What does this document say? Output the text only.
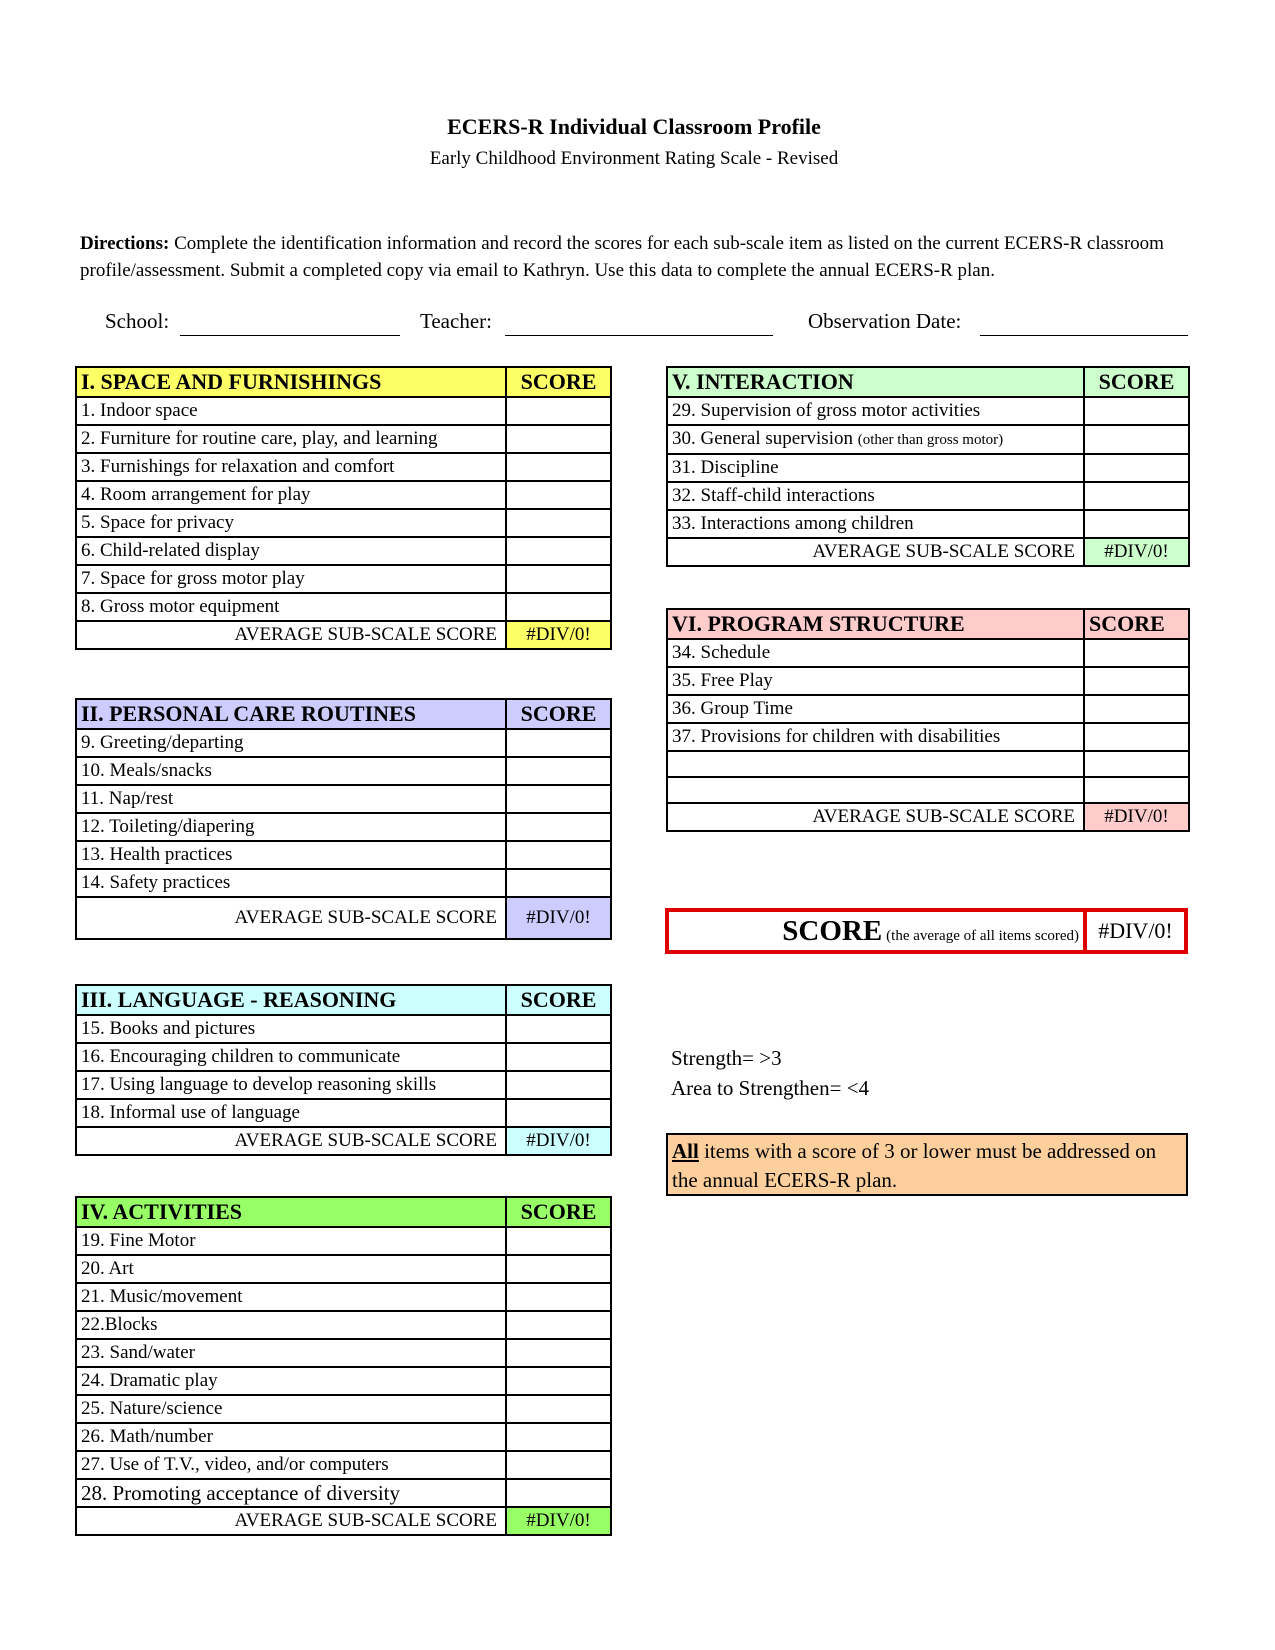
ECERS-R Individual Classroom Profile
Early Childhood Environment Rating Scale - Revised
Directions: Complete the identification information and record the scores for each sub-scale item as listed on the current ECERS-R classroom profile/assessment. Submit a completed copy via email to Kathryn. Use this data to complete the annual ECERS-R plan.
School:	Teacher:	Observation Date:
I. SPACE AND FURNISHINGS	SCORE
1. Indoor space	
2. Furniture for routine care, play, and learning	
3. Furnishings for relaxation and comfort	
4. Room arrangement for play	
5. Space for privacy	
6. Child-related display	
7. Space for gross motor play	
8. Gross motor equipment	
AVERAGE SUB-SCALE SCORE	#DIV/0!
II. PERSONAL CARE ROUTINES	SCORE
9. Greeting/departing	
10. Meals/snacks	
11. Nap/rest	
12. Toileting/diapering	
13. Health practices	
14. Safety practices	
AVERAGE SUB-SCALE SCORE	#DIV/0!
III. LANGUAGE - REASONING	SCORE
15. Books and pictures	
16. Encouraging children to communicate	
17. Using language to develop reasoning skills	
18. Informal use of language	
AVERAGE SUB-SCALE SCORE	#DIV/0!
IV. ACTIVITIES	SCORE
19. Fine Motor	
20. Art	
21. Music/movement	
22.Blocks	
23. Sand/water	
24. Dramatic play	
25. Nature/science	
26. Math/number	
27. Use of T.V., video, and/or computers	
28. Promoting acceptance of diversity	
AVERAGE SUB-SCALE SCORE	#DIV/0!
V. INTERACTION	SCORE
29. Supervision of gross motor activities	
30. General supervision (other than gross motor)	
31. Discipline	
32. Staff-child interactions	
33. Interactions among children	
AVERAGE SUB-SCALE SCORE	#DIV/0!
VI. PROGRAM STRUCTURE	SCORE
34. Schedule	
35. Free Play	
36. Group Time	
37. Provisions for children with disabilities	

AVERAGE SUB-SCALE SCORE	#DIV/0!
SCORE (the average of all items scored) #DIV/0!
Strength= >3
Area to Strengthen= <4
All items with a score of 3 or lower must be addressed on the annual ECERS-R plan.
